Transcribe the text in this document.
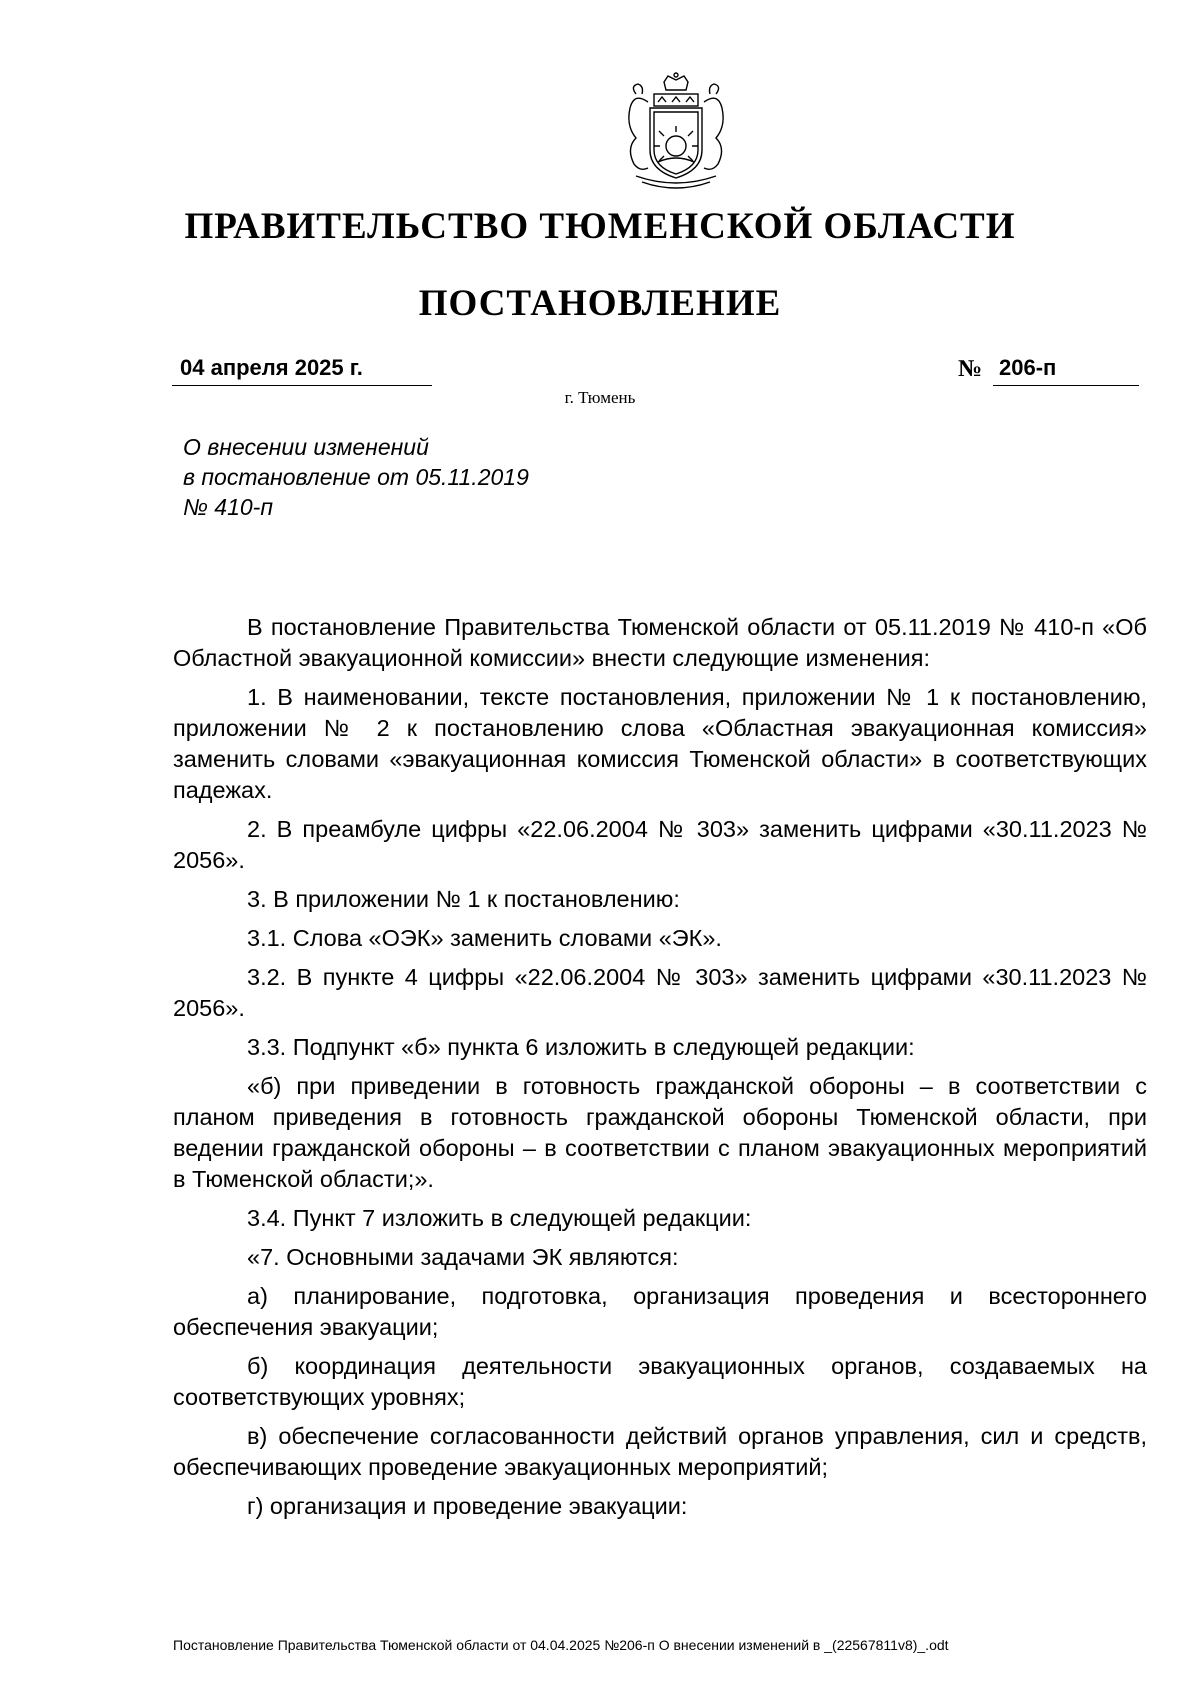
ПРАВИТЕЛЬСТВО ТЮМЕНСКОЙ ОБЛАСТИ
ПОСТАНОВЛЕНИЕ
04 апреля 2025 г.	№ 206-п
г. Тюмень
О внесении изменений
в постановление от 05.11.2019
№ 410-п

В постановление Правительства Тюменской области от 05.11.2019 № 410-п «Об Областной эвакуационной комиссии» внести следующие изменения:

1. В наименовании, тексте постановления, приложении № 1 к постановлению, приложении № 2 к постановлению слова «Областная эвакуационная комиссия» заменить словами «эвакуационная комиссия Тюменской области» в соответствующих падежах.

2. В преамбуле цифры «22.06.2004 № 303» заменить цифрами «30.11.2023 № 2056».

3. В приложении № 1 к постановлению:

3.1. Слова «ОЭК» заменить словами «ЭК».

3.2. В пункте 4 цифры «22.06.2004 № 303» заменить цифрами «30.11.2023 № 2056».

3.3. Подпункт «б» пункта 6 изложить в следующей редакции:

«б) при приведении в готовность гражданской обороны – в соответствии с планом приведения в готовность гражданской обороны Тюменской области, при ведении гражданской обороны – в соответствии с планом эвакуационных мероприятий в Тюменской области;».

3.4. Пункт 7 изложить в следующей редакции:

«7. Основными задачами ЭК являются:

а) планирование, подготовка, организация проведения и всестороннего обеспечения эвакуации;

б) координация деятельности эвакуационных органов, создаваемых на соответствующих уровнях;

в) обеспечение согласованности действий органов управления, сил и средств, обеспечивающих проведение эвакуационных мероприятий;

г) организация и проведение эвакуации:

Постановление Правительства Тюменской области от 04.04.2025 №206-п О внесении изменений в _(22567811v8)_.odt
